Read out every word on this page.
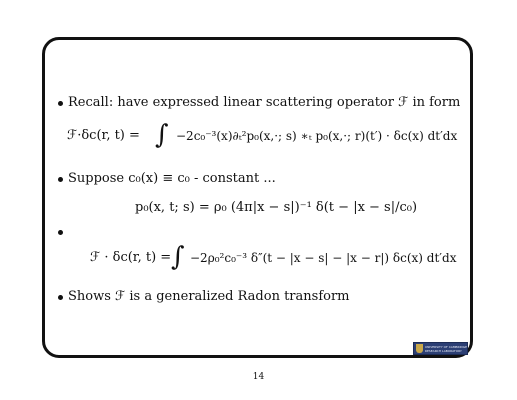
Recall: have expressed linear scattering operator ℱ in form
ℱ·δc(r, t) = ∫ −2c₀⁻³(x)∂ₜ²p₀(x,·; s) ∗ₜ p₀(x,·; r)(t′) · δc(x) dt′dx
Suppose c₀(x) ≡ c₀ - constant ...
p₀(x, t; s) = ρ₀ (4π|x − s|)⁻¹ δ(t − |x − s|/c₀)
ℱ · δc(r, t) = ∫ −2ρ₀²c₀⁻³ δ″(t − |x − s| − |x − r|) δc(x) dt′dx
Shows ℱ is a generalized Radon transform
UNIVERSITY OF CAMBRIDGE
RESEARCH LABORATORY
14
